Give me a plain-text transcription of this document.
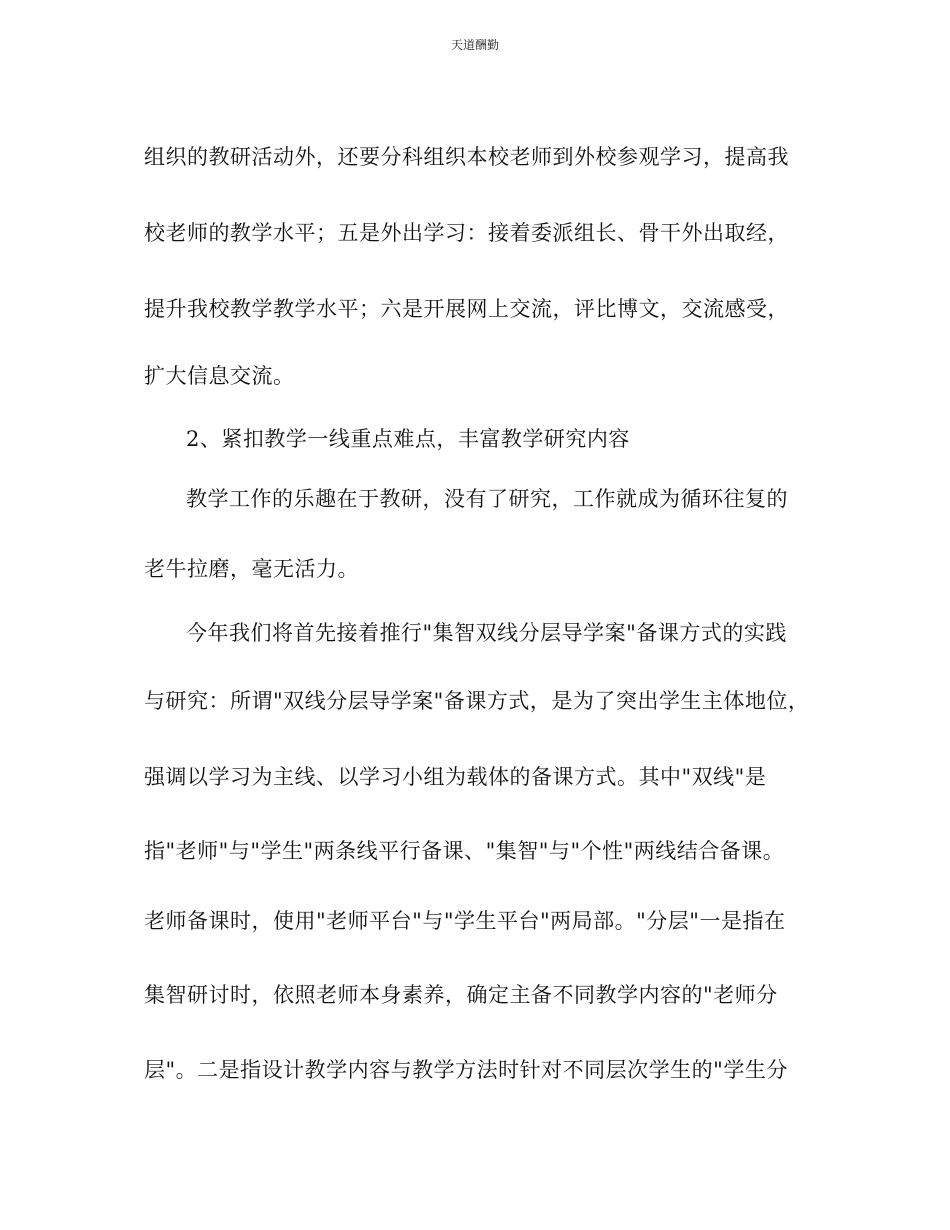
天道酬勤
组织的教研活动外，还要分科组织本校老师到外校参观学习，提高我
校老师的教学水平；五是外出学习：接着委派组长、骨干外出取经，
提升我校教学教学水平；六是开展网上交流，评比博文，交流感受，
扩大信息交流。
2、紧扣教学一线重点难点，丰富教学研究内容
教学工作的乐趣在于教研，没有了研究，工作就成为循环往复的
老牛拉磨，毫无活力。
今年我们将首先接着推行"集智双线分层导学案"备课方式的实践
与研究：所谓"双线分层导学案"备课方式，是为了突出学生主体地位，
强调以学习为主线、以学习小组为载体的备课方式。其中"双线"是
指"老师"与"学生"两条线平行备课、"集智"与"个性"两线结合备课。
老师备课时，使用"老师平台"与"学生平台"两局部。"分层"一是指在
集智研讨时，依照老师本身素养，确定主备不同教学内容的"老师分
层"。二是指设计教学内容与教学方法时针对不同层次学生的"学生分
